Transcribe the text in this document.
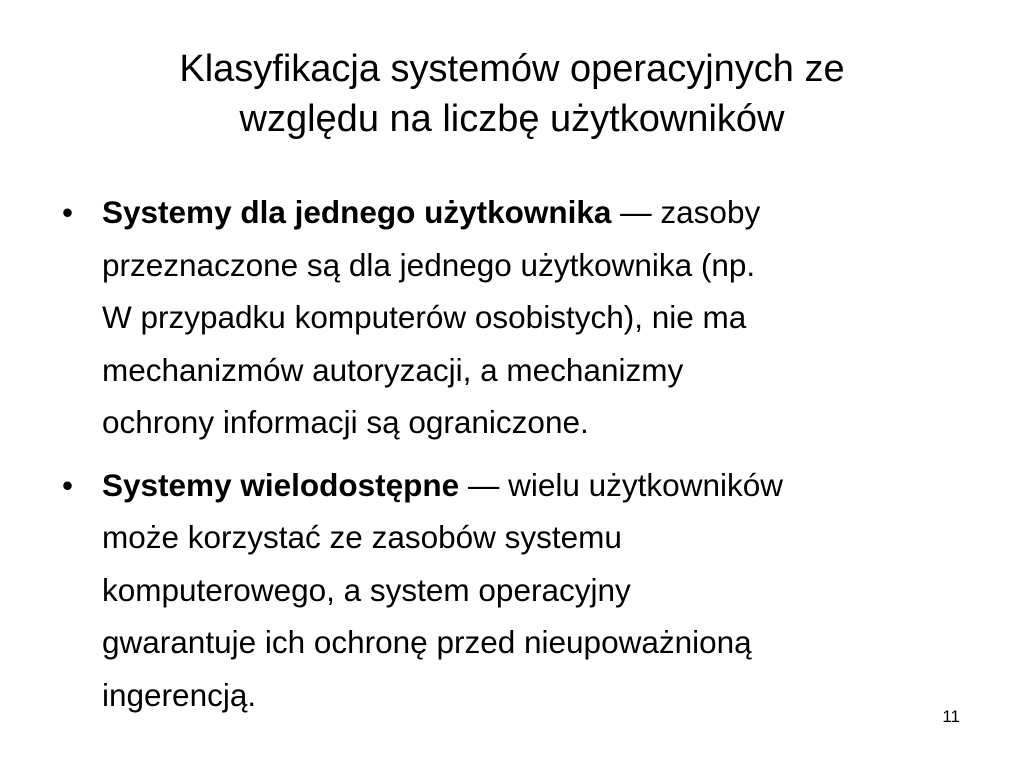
Klasyfikacja systemów operacyjnych ze
względu na liczbę użytkowników
• Systemy dla jednego użytkownika — zasoby
przeznaczone są dla jednego użytkownika (np.
W przypadku komputerów osobistych), nie ma
mechanizmów autoryzacji, a mechanizmy
ochrony informacji są ograniczone.
• Systemy wielodostępne — wielu użytkowników
może korzystać ze zasobów systemu
komputerowego, a system operacyjny
gwarantuje ich ochronę przed nieupoważnioną
ingerencją.
11
